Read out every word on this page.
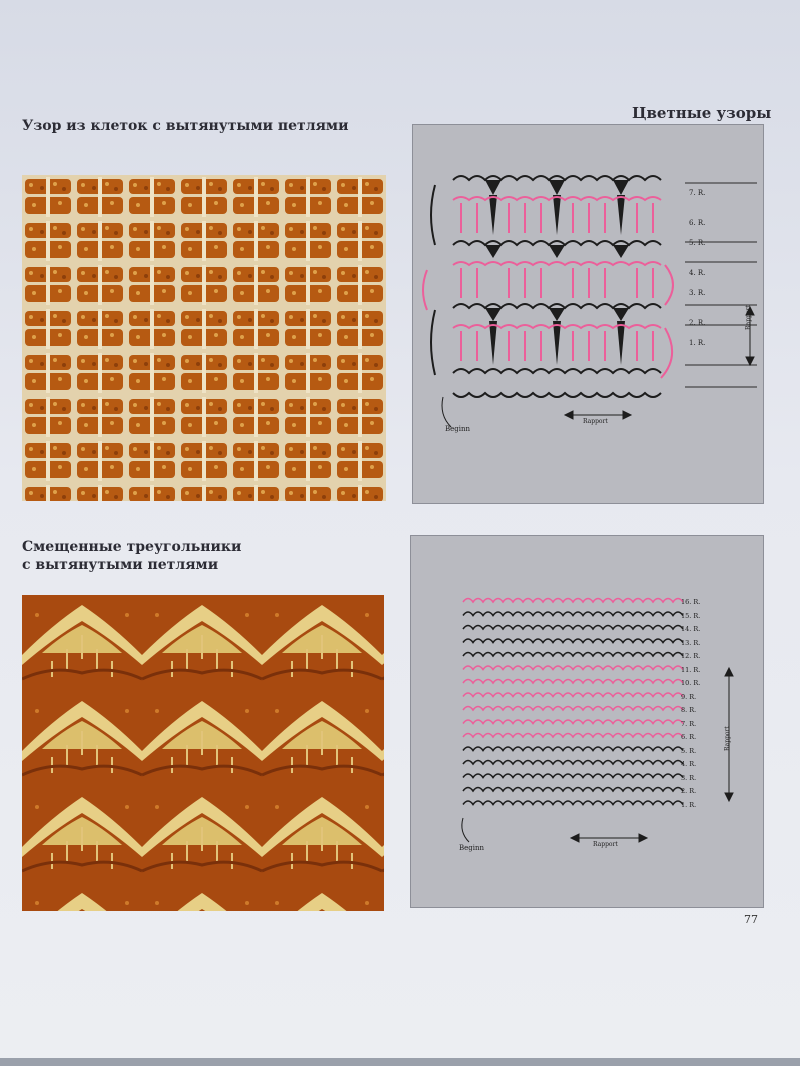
Цветные узоры
Узор из клеток с вытянутыми петлями
7. R.
6. R.
5. R.
4. R.
3. R.
2. R.
1. R.
Beginn
Rapport
Rapport
Смещенные треугольники
с вытянутыми петлями
16. R.
15. R.
14. R.
13. R.
12. R.
11. R.
10. R.
9. R.
8. R.
7. R.
6. R.
5. R.
4. R.
3. R.
2. R.
1. R.
Beginn	Rapport
Rapport
77
